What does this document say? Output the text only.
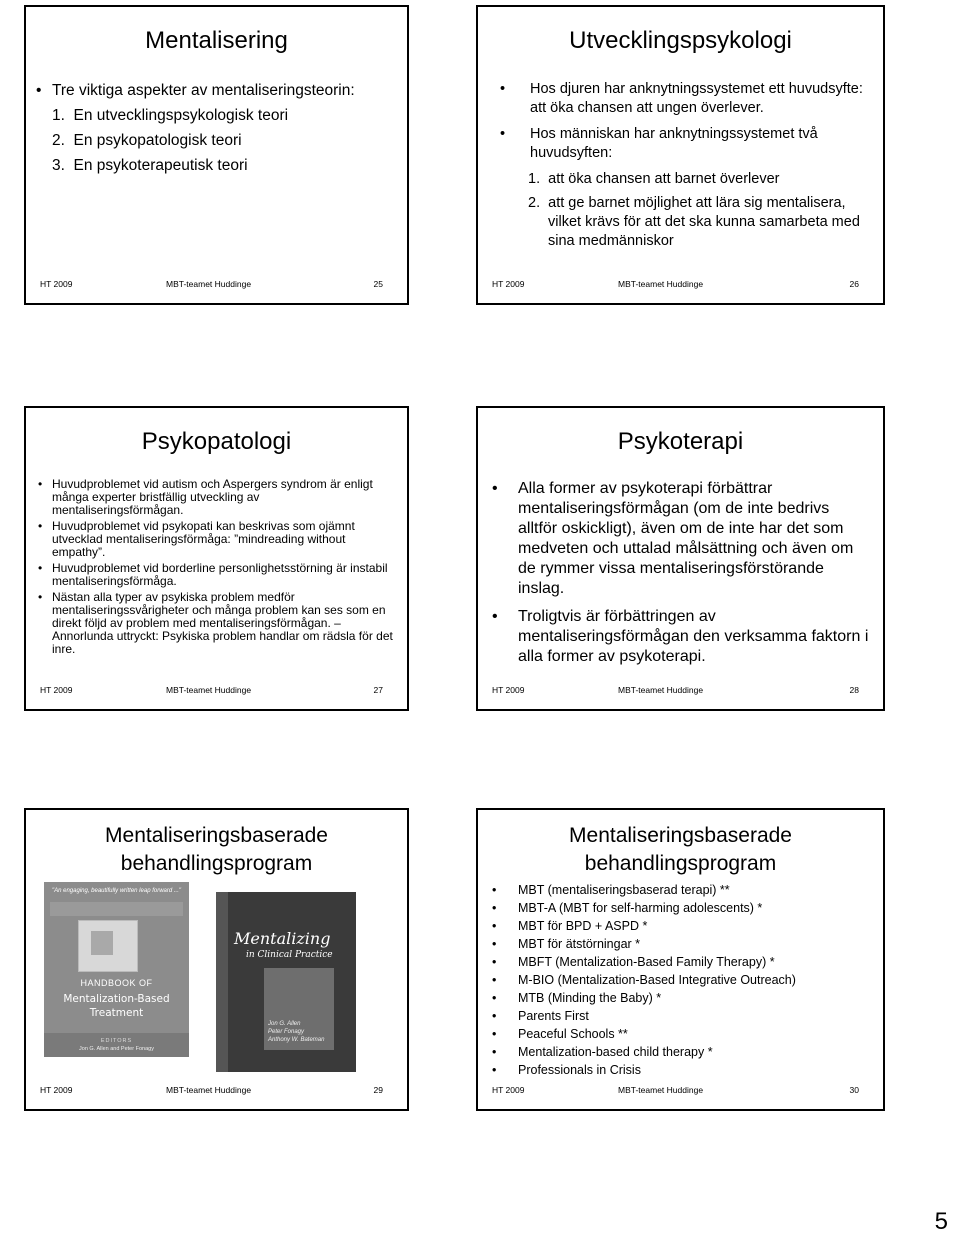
Mentalisering
• Tre viktiga aspekter av mentaliseringsteorin:
1.  En utvecklingspsykologisk teori
2.  En psykopatologisk teori
3.  En psykoterapeutisk teori
HT 2009	MBT-teamet Huddinge	25
Utvecklingspsykologi
• Hos djuren har anknytningssystemet ett huvudsyfte: att öka chansen att ungen överlever.
• Hos människan har anknytningssystemet två huvudsyften:
1.  att öka chansen att barnet överlever
2.  att ge barnet möjlighet att lära sig mentalisera, vilket krävs för att det ska kunna samarbeta med sina medmänniskor
HT 2009	MBT-teamet Huddinge	26
Psykopatologi
• Huvudproblemet vid autism och Aspergers syndrom är enligt många experter bristfällig utveckling av mentaliseringsförmågan.
• Huvudproblemet vid psykopati kan beskrivas som ojämnt utvecklad mentaliseringsförmåga: ”mindreading without empathy”.
• Huvudproblemet vid borderline personlighetsstörning är instabil mentaliseringsförmåga.
• Nästan alla typer av psykiska problem medför mentaliseringssvårigheter och många problem kan ses som en direkt följd av problem med mentaliseringsförmågan. – Annorlunda uttryckt: Psykiska problem handlar om rädsla för det inre.
HT 2009	MBT-teamet Huddinge	27
Psykoterapi
• Alla former av psykoterapi förbättrar mentaliseringsförmågan (om de inte bedrivs alltför oskickligt), även om de inte har det som medveten och uttalad målsättning och även om de rymmer vissa mentaliseringsförstörande inslag.
• Troligtvis är förbättringen av mentaliseringsförmågan den verksamma faktorn i alla former av psykoterapi.
HT 2009	MBT-teamet Huddinge	28
Mentaliseringsbaserade
behandlingsprogram
"An engaging, beautifully written leap forward ..."
HANDBOOK OF
Mentalization-Based
Treatment
EDITORS
Jon G. Allen and Peter Fonagy
Mentalizing
in Clinical Practice
Jon G. Allen
Peter Fonagy
Anthony W. Bateman
HT 2009	MBT-teamet Huddinge	29
Mentaliseringsbaserade
behandlingsprogram
• MBT (mentaliseringsbaserad terapi) **
• MBT-A (MBT for self-harming adolescents) *
• MBT för BPD + ASPD *
• MBT för ätstörningar *
• MBFT (Mentalization-Based Family Therapy) *
• M-BIO (Mentalization-Based Integrative Outreach)
• MTB (Minding the Baby) *
• Parents First
• Peaceful Schools **
• Mentalization-based child therapy *
• Professionals in Crisis
HT 2009	MBT-teamet Huddinge	30
5
